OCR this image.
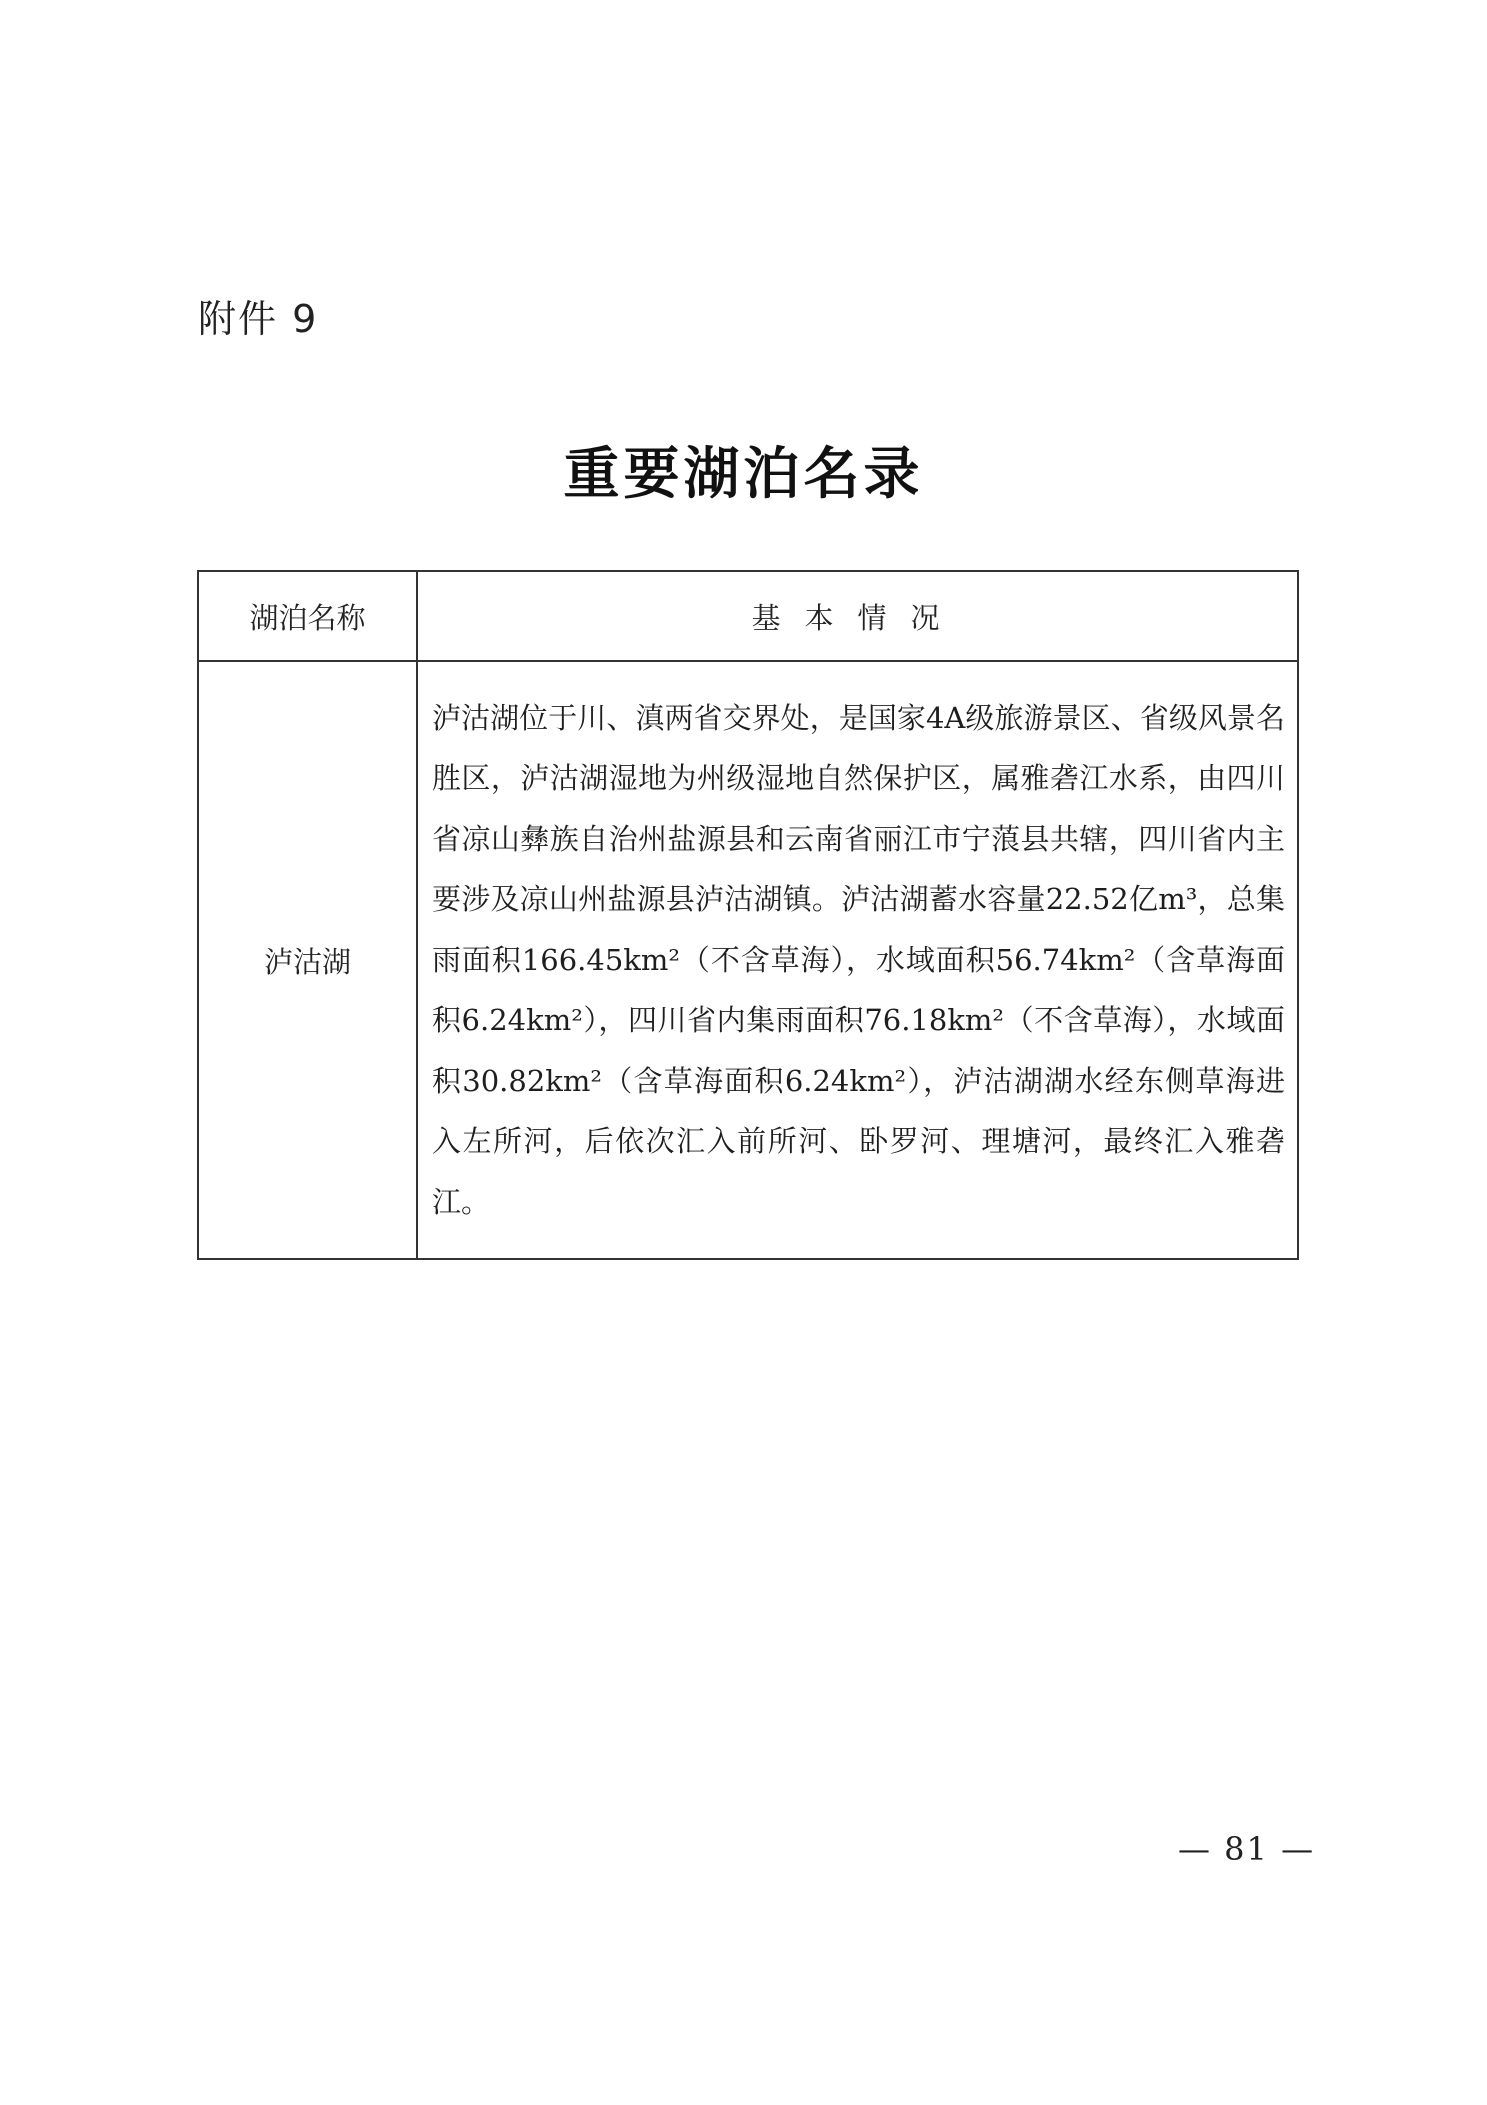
附件 9
重要湖泊名录
湖泊名称	基本情况
泸沽湖	泸沽湖位于川、滇两省交界处，是国家4A级旅游景区、省级风景名胜区，泸沽湖湿地为州级湿地自然保护区，属雅砻江水系，由四川省凉山彝族自治州盐源县和云南省丽江市宁蒗县共辖，四川省内主要涉及凉山州盐源县泸沽湖镇。泸沽湖蓄水容量22.52亿m³，总集雨面积166.45km²（不含草海），水域面积56.74km²（含草海面积6.24km²），四川省内集雨面积76.18km²（不含草海），水域面积30.82km²（含草海面积6.24km²），泸沽湖湖水经东侧草海进入左所河，后依次汇入前所河、卧罗河、理塘河，最终汇入雅砻江。
— 81 —
